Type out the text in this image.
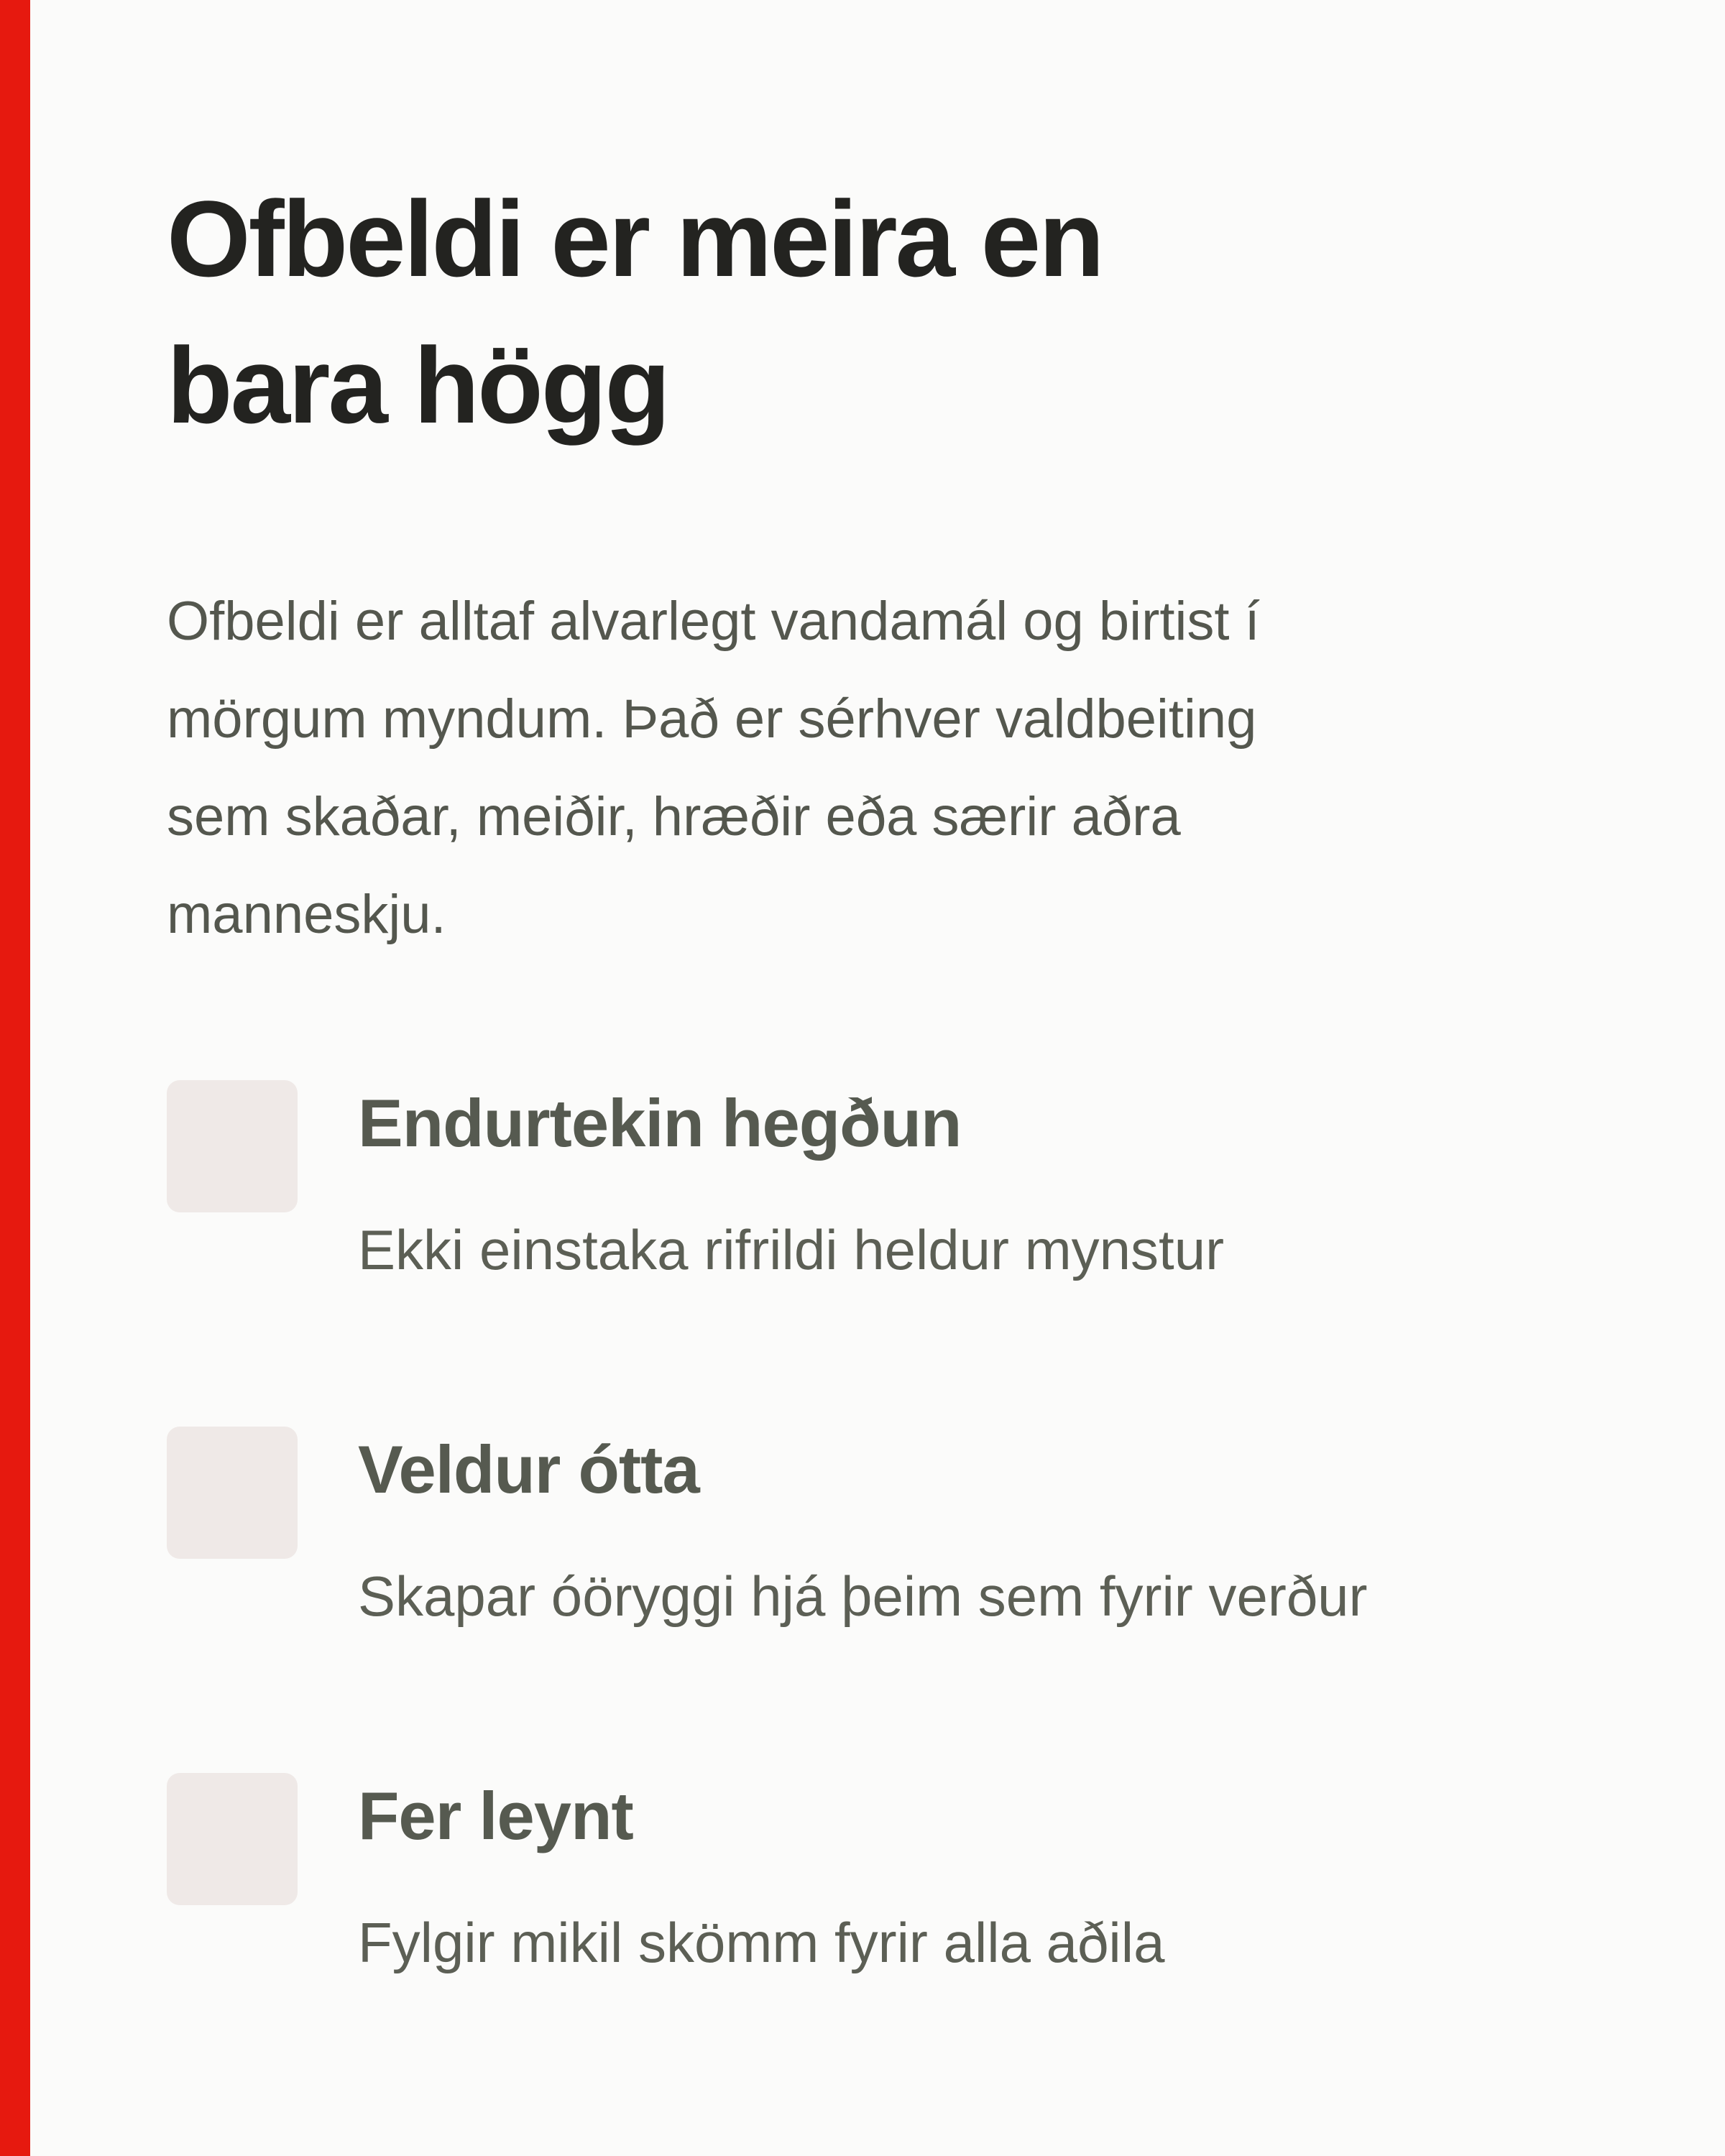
Ofbeldi er meira en
bara högg

Ofbeldi er alltaf alvarlegt vandamál og birtist í
mörgum myndum. Það er sérhver valdbeiting
sem skaðar, meiðir, hræðir eða særir aðra
manneskju.

Endurtekin hegðun

Ekki einstaka rifrildi heldur mynstur

Veldur ótta

Skapar óöryggi hjá þeim sem fyrir verður

Fer leynt

Fylgir mikil skömm fyrir alla aðila
